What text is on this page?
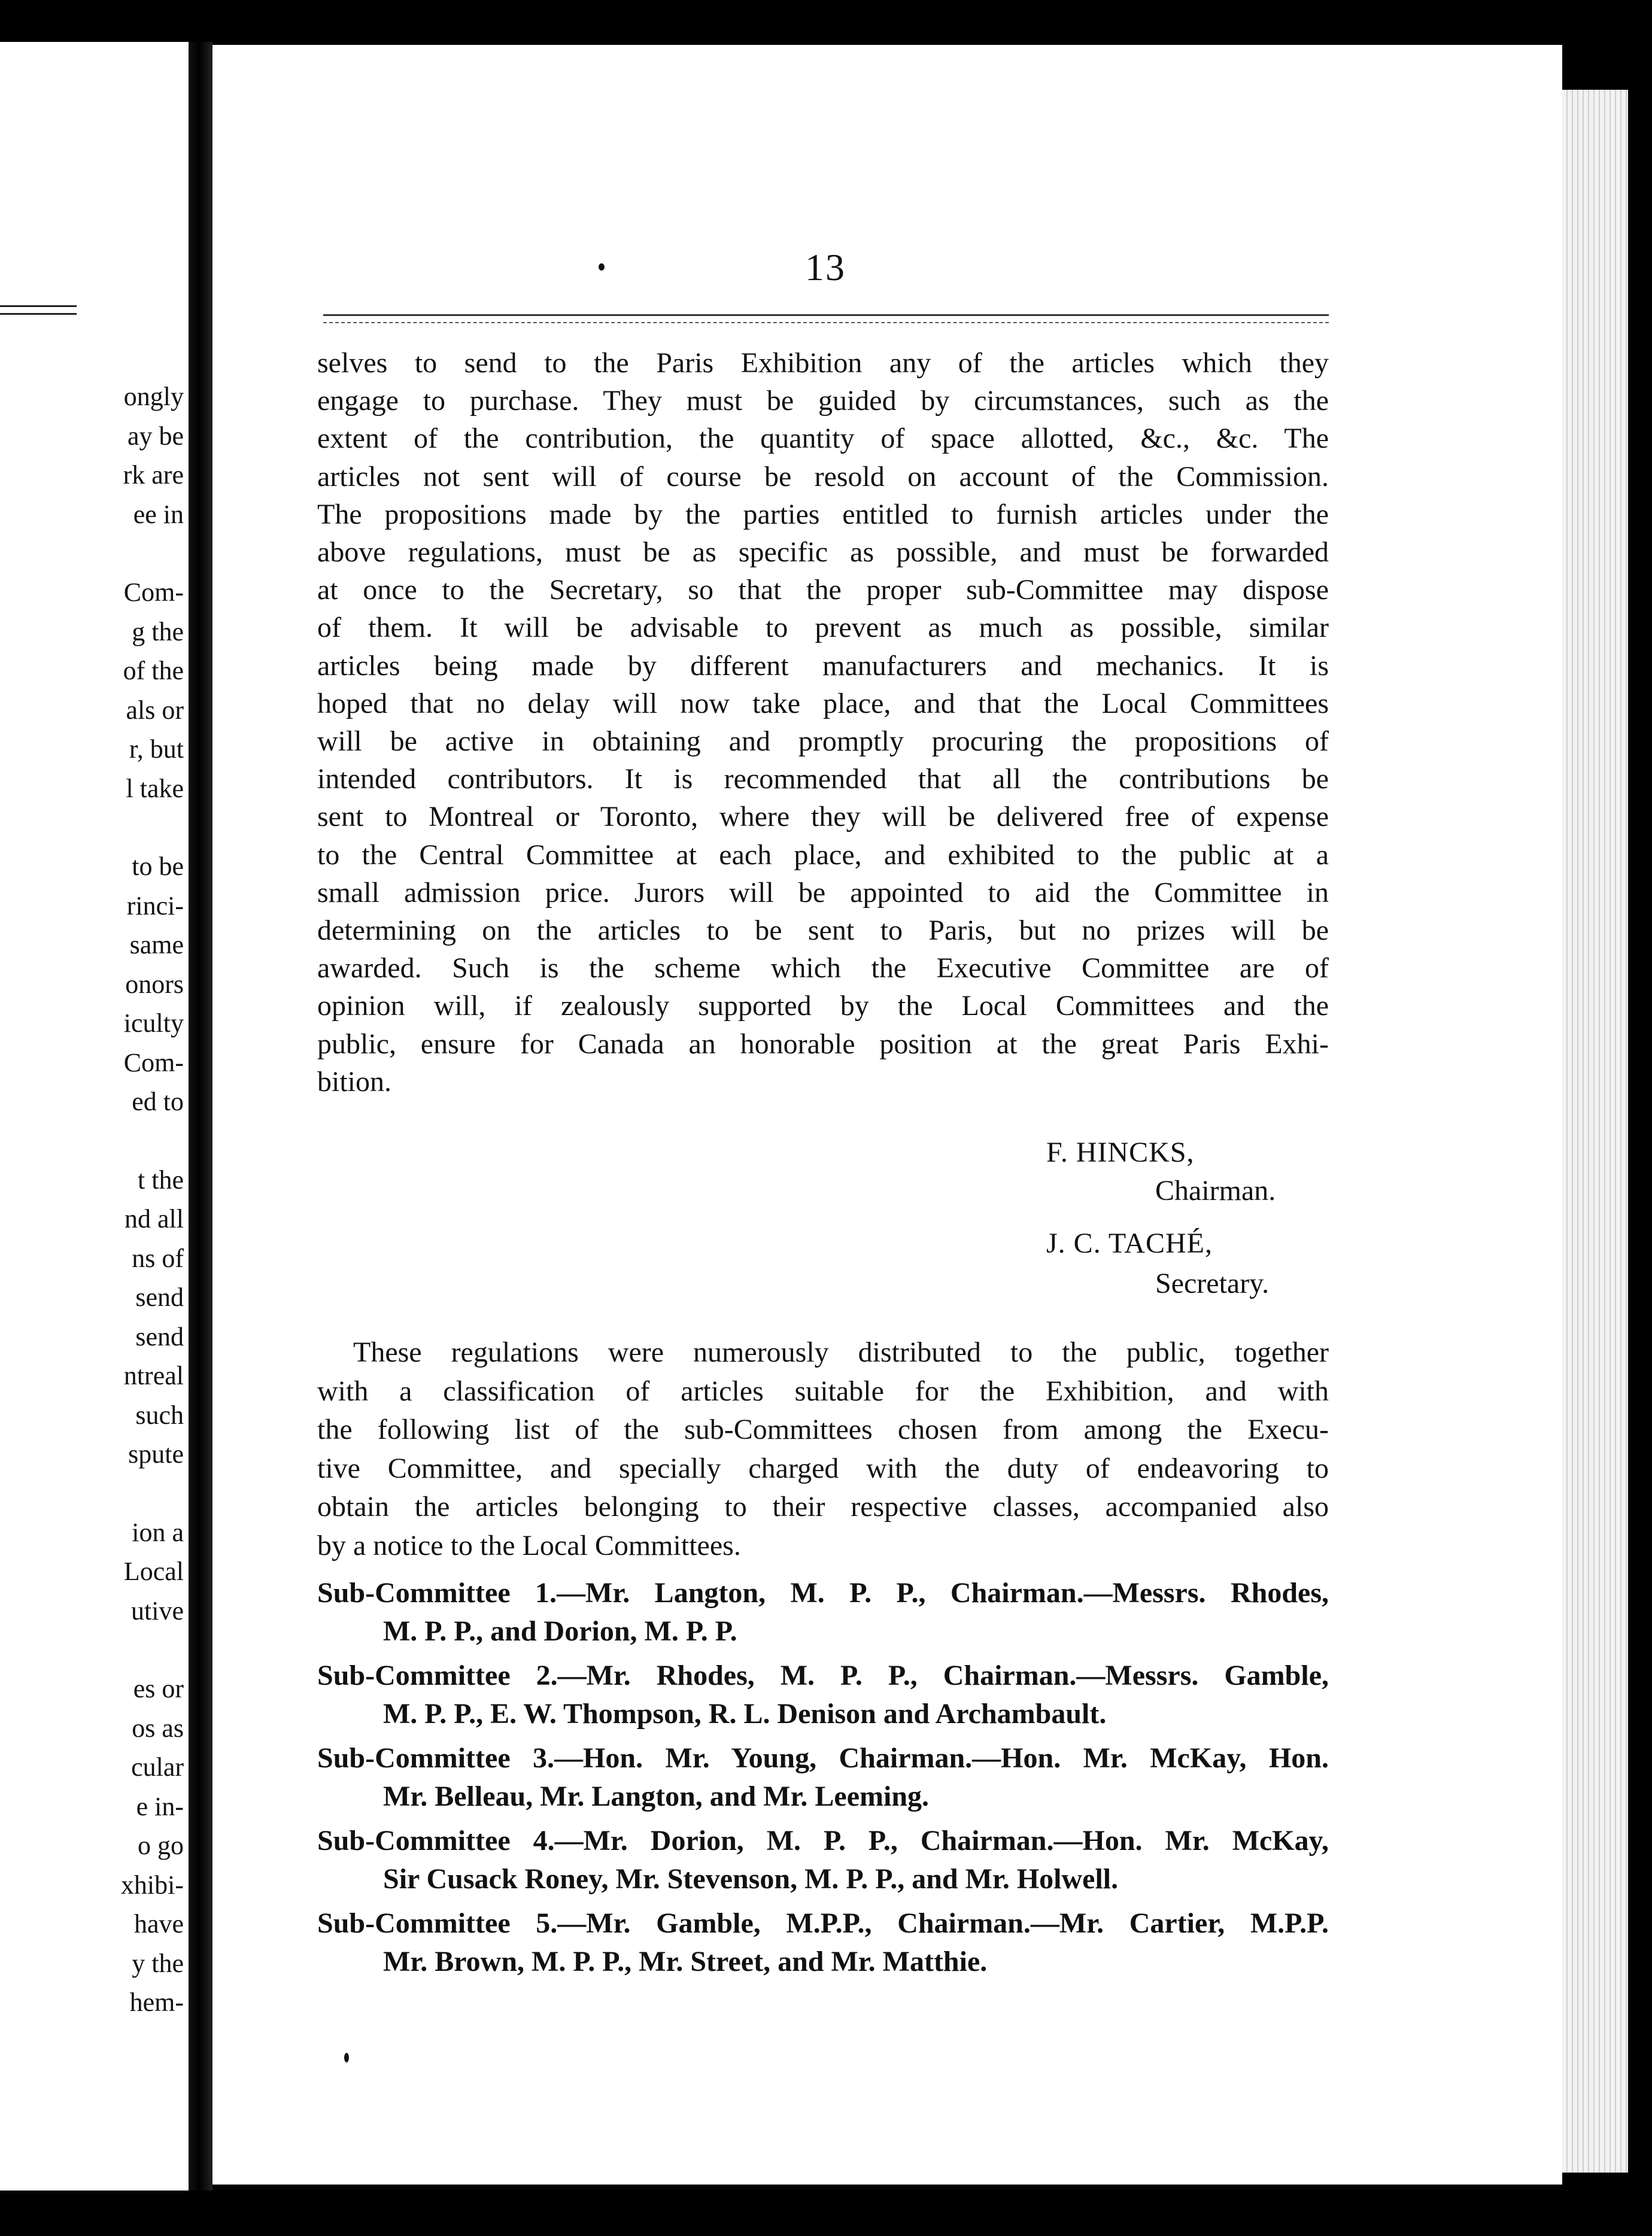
ongly
ay be
rk are
ee in
Com-
g the
of the
als or
r, but
l take
to be
rinci-
same
onors
iculty
Com-
ed to
t the
nd all
ns of
send
send
ntreal
such
spute
ion a
Local
utive
es or
os as
cular
e in-
o go
xhibi-
have
y the
hem-
13
selves to send to the Paris Exhibition any of the articles which they
engage to purchase. They must be guided by circumstances, such as the
extent of the contribution, the quantity of space allotted, &c., &c. The
articles not sent will of course be resold on account of the Commission.
The propositions made by the parties entitled to furnish articles under the
above regulations, must be as specific as possible, and must be forwarded
at once to the Secretary, so that the proper sub-Committee may dispose
of them. It will be advisable to prevent as much as possible, similar
articles being made by different manufacturers and mechanics. It is
hoped that no delay will now take place, and that the Local Committees
will be active in obtaining and promptly procuring the propositions of
intended contributors. It is recommended that all the contributions be
sent to Montreal or Toronto, where they will be delivered free of expense
to the Central Committee at each place, and exhibited to the public at a
small admission price. Jurors will be appointed to aid the Committee in
determining on the articles to be sent to Paris, but no prizes will be
awarded. Such is the scheme which the Executive Committee are of
opinion will, if zealously supported by the Local Committees and the
public, ensure for Canada an honorable position at the great Paris Exhi-
bition.
F. HINCKS,
Chairman.
J. C. TACHÉ,
Secretary.
These regulations were numerously distributed to the public, together
with a classification of articles suitable for the Exhibition, and with
the following list of the sub-Committees chosen from among the Execu-
tive Committee, and specially charged with the duty of endeavoring to
obtain the articles belonging to their respective classes, accompanied also
by a notice to the Local Committees.
Sub-Committee 1.—Mr. Langton, M. P. P., Chairman.—Messrs. Rhodes,
M. P. P., and Dorion, M. P. P.
Sub-Committee 2.—Mr. Rhodes, M. P. P., Chairman.—Messrs. Gamble,
M. P. P., E. W. Thompson, R. L. Denison and Archambault.
Sub-Committee 3.—Hon. Mr. Young, Chairman.—Hon. Mr. McKay, Hon.
Mr. Belleau, Mr. Langton, and Mr. Leeming.
Sub-Committee 4.—Mr. Dorion, M. P. P., Chairman.—Hon. Mr. McKay,
Sir Cusack Roney, Mr. Stevenson, M. P. P., and Mr. Holwell.
Sub-Committee 5.—Mr. Gamble, M.P.P., Chairman.—Mr. Cartier, M.P.P.
Mr. Brown, M. P. P., Mr. Street, and Mr. Matthie.
